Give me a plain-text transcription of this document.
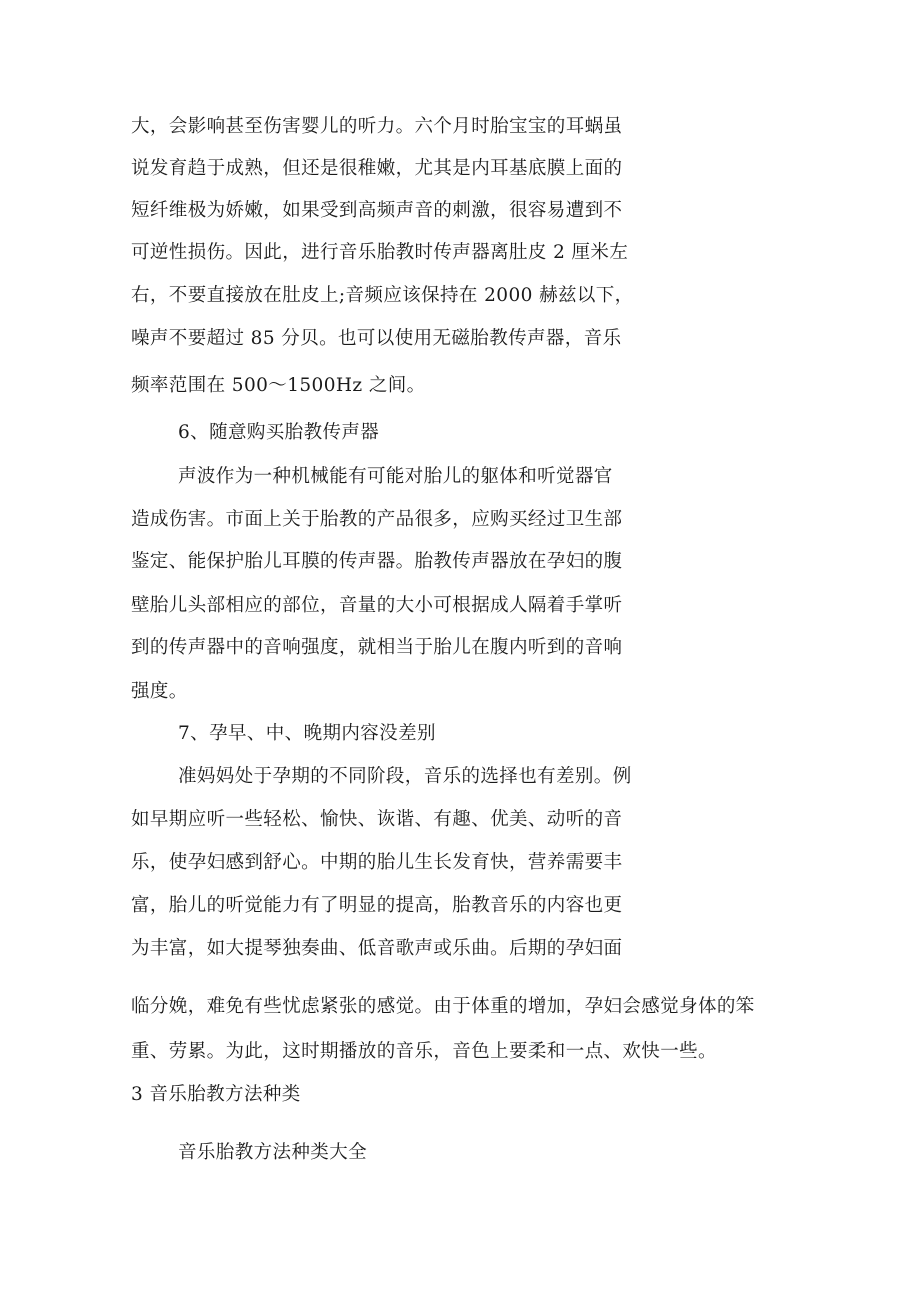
大，会影响甚至伤害婴儿的听力。六个月时胎宝宝的耳蜗虽
说发育趋于成熟，但还是很稚嫩，尤其是内耳基底膜上面的
短纤维极为娇嫩，如果受到高频声音的刺激，很容易遭到不
可逆性损伤。因此，进行音乐胎教时传声器离肚皮 2 厘米左
右，不要直接放在肚皮上;音频应该保持在 2000 赫兹以下，
噪声不要超过 85 分贝。也可以使用无磁胎教传声器，音乐
频率范围在 500〜1500Hz 之间。
6、随意购买胎教传声器
声波作为一种机械能有可能对胎儿的躯体和听觉器官
造成伤害。市面上关于胎教的产品很多，应购买经过卫生部
鉴定、能保护胎儿耳膜的传声器。胎教传声器放在孕妇的腹
壁胎儿头部相应的部位，音量的大小可根据成人隔着手掌听
到的传声器中的音响强度，就相当于胎儿在腹内听到的音响
强度。
7、孕早、中、晚期内容没差别
准妈妈处于孕期的不同阶段，音乐的选择也有差别。例
如早期应听一些轻松、愉快、诙谐、有趣、优美、动听的音
乐，使孕妇感到舒心。中期的胎儿生长发育快，营养需要丰
富，胎儿的听觉能力有了明显的提高，胎教音乐的内容也更
为丰富，如大提琴独奏曲、低音歌声或乐曲。后期的孕妇面
临分娩，难免有些忧虑紧张的感觉。由于体重的增加，孕妇会感觉身体的笨
重、劳累。为此，这时期播放的音乐，音色上要柔和一点、欢快一些。
3 音乐胎教方法种类
音乐胎教方法种类大全
